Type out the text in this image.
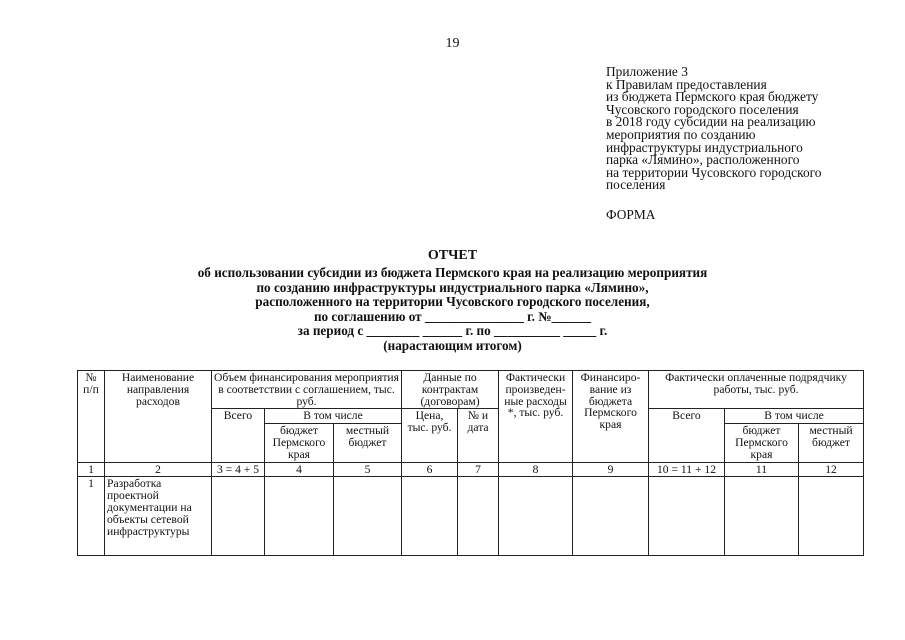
19
Приложение 3
к Правилам предоставления
из бюджета Пермского края бюджету
Чусовского городского поселения
в 2018 году субсидии на реализацию
мероприятия по созданию
инфраструктуры индустриального
парка «Лямино», расположенного
на территории Чусовского городского
поселения
ФОРМА
ОТЧЕТ
об использовании субсидии из бюджета Пермского края на реализацию мероприятия
по созданию инфраструктуры индустриального парка «Лямино»,
расположенного на территории Чусовского городского поселения,
по соглашению от _______________ г. №______
за период с ________ ______ г. по __________ _____ г.
(нарастающим итогом)
№ п/п	Наименование направления расходов	Объем финансирования мероприятия в соответствии с соглашением, тыс. руб.			Данные по контрактам (договорам)		Фактически произведен-ные расходы *, тыс. руб.	Финансиро-вание из бюджета Пермского края	Фактически оплаченные подрядчику работы, тыс. руб.		
		Всего	В том числе		Цена, тыс. руб.	№ и дата			Всего	В том числе	
			бюджет Пермского края	местный бюджет						бюджет Пермского края	местный бюджет
1	2	3 = 4 + 5	4	5	6	7	8	9	10 = 11 + 12	11	12
1	Разработка проектной документации на объекты сетевой инфраструктуры										
